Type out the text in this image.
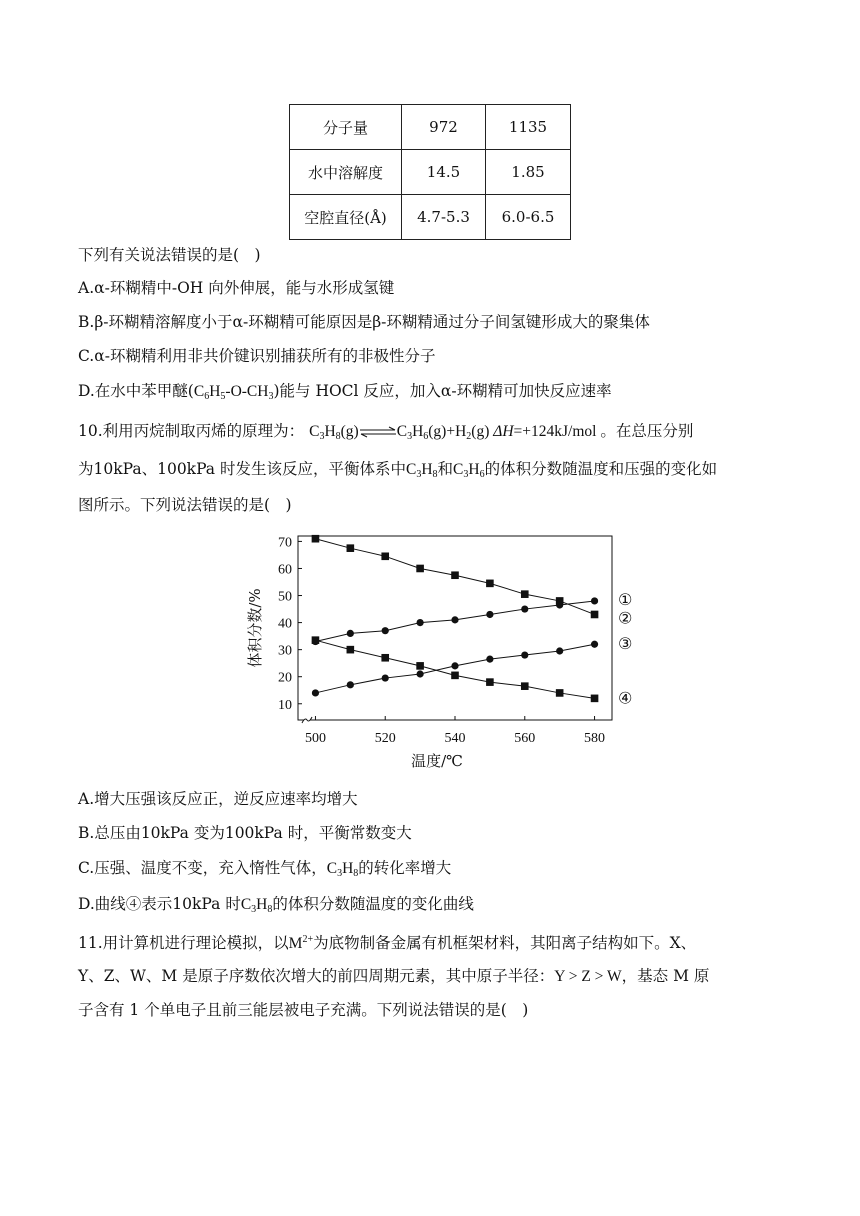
分子量	972	1135
水中溶解度	14.5	1.85
空腔直径(Å)	4.7-5.3	6.0-6.5
下列有关说法错误的是(　)
A.α-环糊精中-OH 向外伸展，能与水形成氢键
B.β-环糊精溶解度小于α-环糊精可能原因是β-环糊精通过分子间氢键形成大的聚集体
C.α-环糊精利用非共价键识别捕获所有的非极性分子
D.在水中苯甲醚$(C_6H_5-O-CH_3)$能与 HOCl 反应，加入α-环糊精可加快反应速率
10.利用丙烷制取丙烯的原理为： $C_3H_8(g)\rightleftharpoons C_3H_6(g)+H_2(g)$ ΔH=+124kJ/mol 。在总压分别
为10kPa、100kPa 时发生该反应，平衡体系中$C_3H_8$和$C_3H_6$的体积分数随温度和压强的变化如
图所示。下列说法错误的是(　)
10
20
30
40
50
60
70
500	520	540	560	580
温度/℃
体积分数/%	①
②
③
④
A.增大压强该反应正，逆反应速率均增大
B.总压由10kPa 变为100kPa 时，平衡常数变大
C.压强、温度不变，充入惰性气体，$C_3H_8$的转化率增大
D.曲线④表示10kPa 时$C_3H_8$的体积分数随温度的变化曲线
11.用计算机进行理论模拟，以$M^{2+}$为底物制备金属有机框架材料，其阳离子结构如下。X、
Y、Z、W、M 是原子序数依次增大的前四周期元素，其中原子半径：Y > Z > W，基态 M 原
子含有 1 个单电子且前三能层被电子充满。下列说法错误的是(　)
